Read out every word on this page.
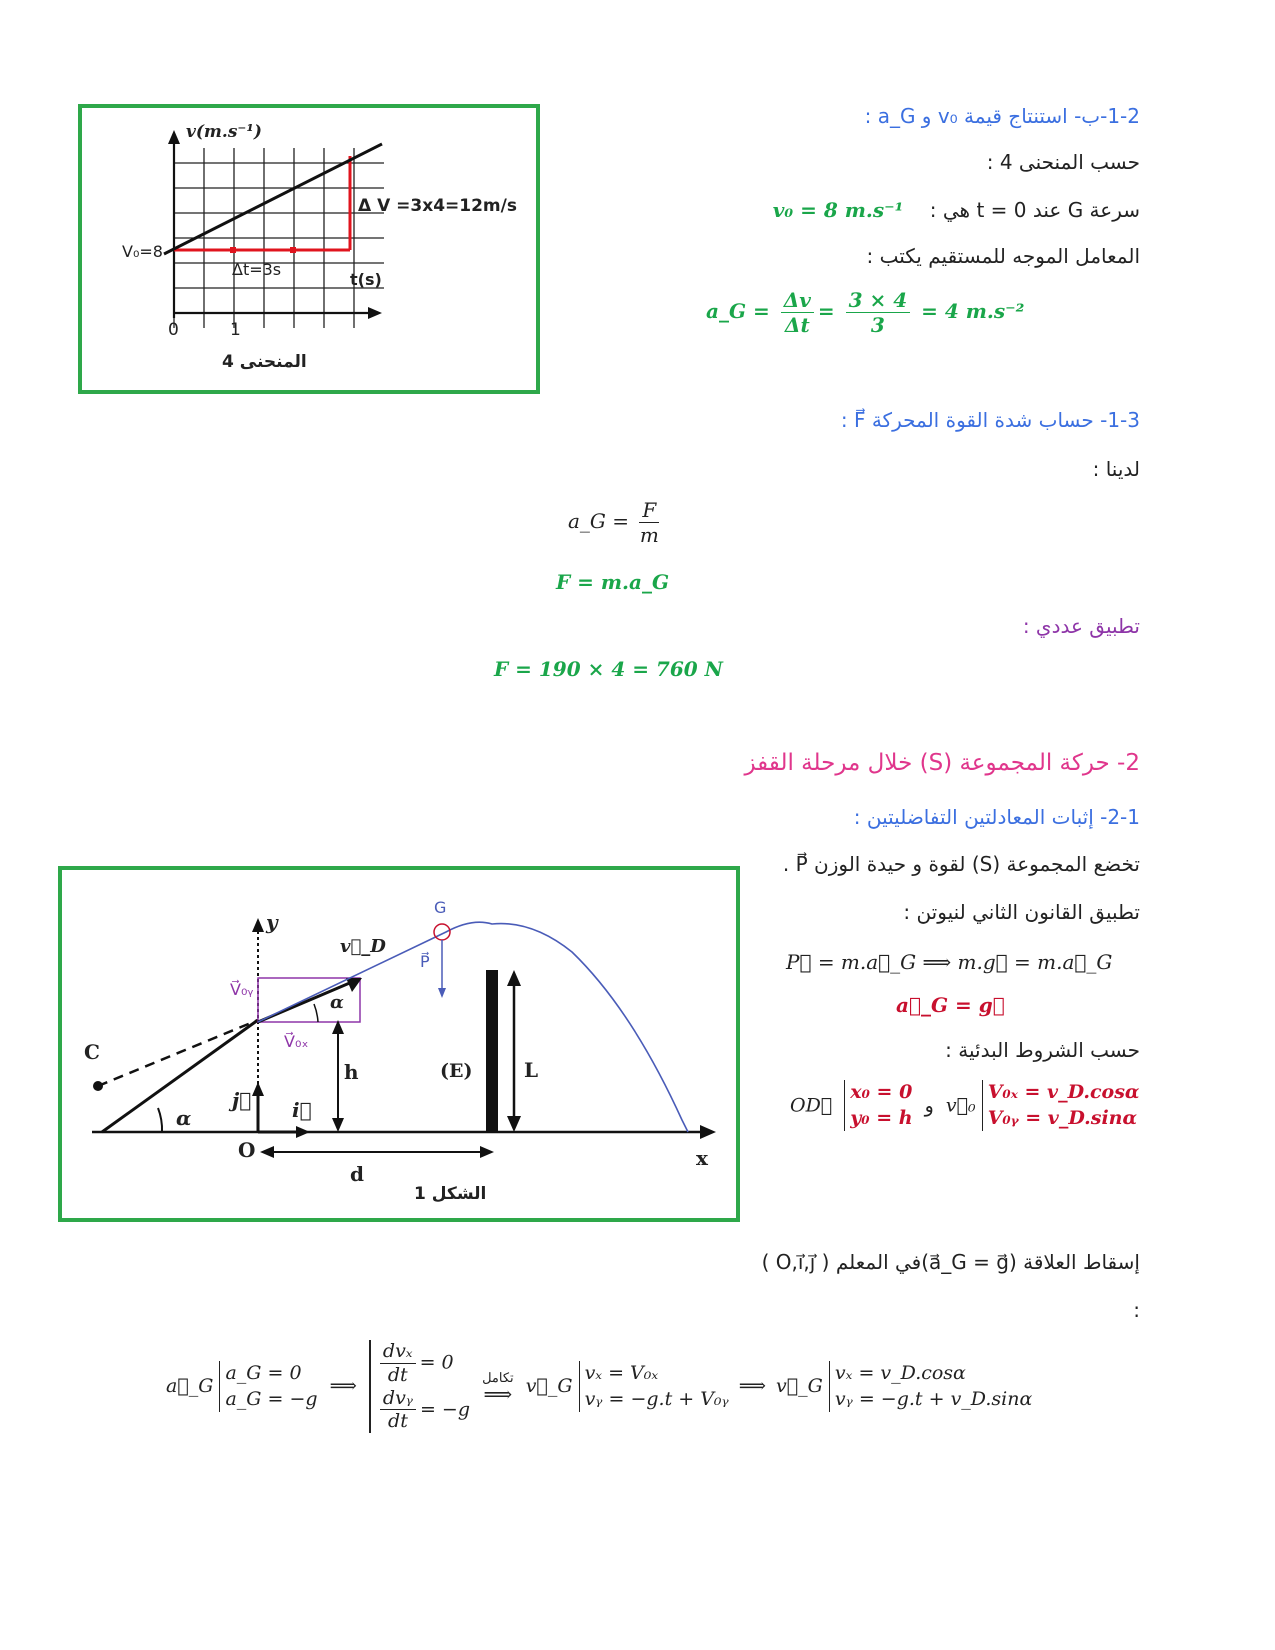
v(m.s⁻¹)
Δ V =3x4=12m/s
V₀=8
Δt=3s
t(s)
0	1
المنحنى 4
1-2-ب- استنتاج قيمة v₀ و a_G :
حسب المنحنى 4 :
سرعة G عند t = 0 هي : v₀ = 8 m.s⁻¹
المعامل الموجه للمستقيم يكتب :
a_G = $\frac{\Delta v}{\Delta t} = \frac{3 \times 4}{3} = 4$ m.s⁻²
1-3- حساب شدة القوة المحركة F⃗ :
لدينا :
a_G = $\frac{F}{m}$
F = m.a_G
تطبيق عددي :
F = 190 × 4 = 760 N
2- حركة المجموعة (S) خلال مرحلة القفز
2-1- إثبات المعادلتين التفاضليتين :
تخضع المجموعة (S) لقوة و حيدة الوزن P⃗ .
تطبيق القانون الثاني لنيوتن :
P⃗ = m.a⃗_G ⟹ m.g⃗ = m.a⃗_G
a⃗_G = g⃗
حسب الشروط البدئية :
OD⃗
x₀ = 0
y₀ = h
و v⃗₀
V₀ₓ = v_D.cosα
V₀ᵧ = v_D.sinα
C
α
j⃗ i⃗
O
y
v⃗_D
V⃗₀ᵧ
V⃗₀ₓ
α
h
G
P⃗
(E)	L
d
x
الشكل 1
إسقاط العلاقة (a⃗_G = g⃗)في المعلم ( O,i⃗,j⃗ )
:
a⃗_G
a_G = 0
a_G = −g
⟹ $\frac{\text{dvₓ}}{dt} = 0$
$\frac{\text{dvᵧ}}{dt} = -g$

تكامل
⟹ v⃗_G
vₓ = V₀ₓ
vᵧ = −g.t + V₀ᵧ
⟹ v⃗_G
vₓ = v_D.cosα
vᵧ = −g.t + v_D.sinα
